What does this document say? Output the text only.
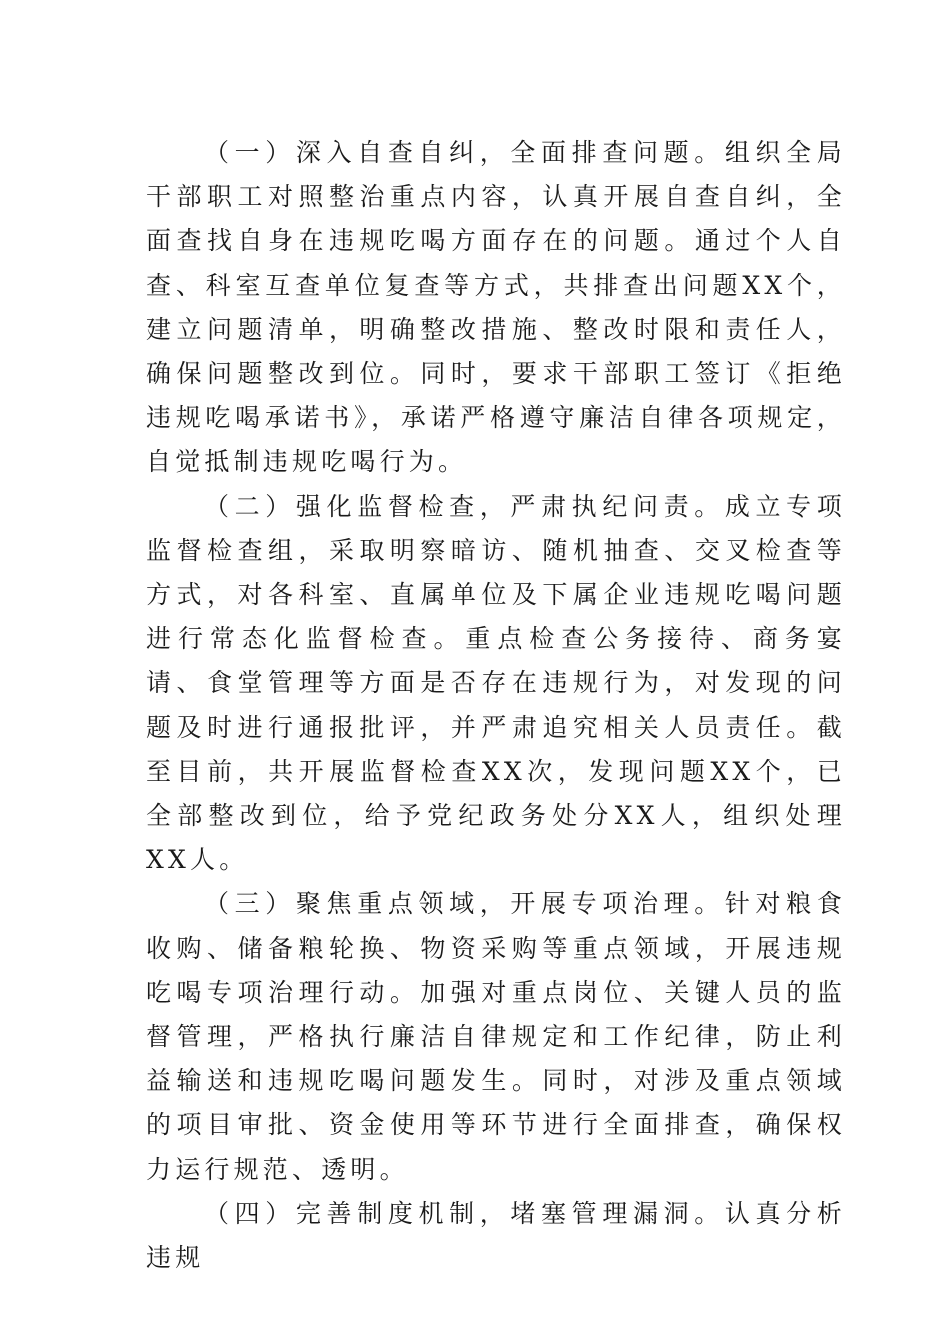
（一）深入自查自纠，全面排查问题。组织全局干部职工对照整治重点内容，认真开展自查自纠，全面查找自身在违规吃喝方面存在的问题。通过个人自查、科室互查单位复查等方式，共排查出问题XX个，建立问题清单，明确整改措施、整改时限和责任人，确保问题整改到位。同时，要求干部职工签订《拒绝违规吃喝承诺书》，承诺严格遵守廉洁自律各项规定，自觉抵制违规吃喝行为。

（二）强化监督检查，严肃执纪问责。成立专项监督检查组，采取明察暗访、随机抽查、交叉检查等方式，对各科室、直属单位及下属企业违规吃喝问题进行常态化监督检查。重点检查公务接待、商务宴请、食堂管理等方面是否存在违规行为，对发现的问题及时进行通报批评，并严肃追究相关人员责任。截至目前，共开展监督检查XX次，发现问题XX个，已全部整改到位，给予党纪政务处分XX人，组织处理XX人。

（三）聚焦重点领域，开展专项治理。针对粮食收购、储备粮轮换、物资采购等重点领域，开展违规吃喝专项治理行动。加强对重点岗位、关键人员的监督管理，严格执行廉洁自律规定和工作纪律，防止利益输送和违规吃喝问题发生。同时，对涉及重点领域的项目审批、资金使用等环节进行全面排查，确保权力运行规范、透明。

（四）完善制度机制，堵塞管理漏洞。认真分析违规
